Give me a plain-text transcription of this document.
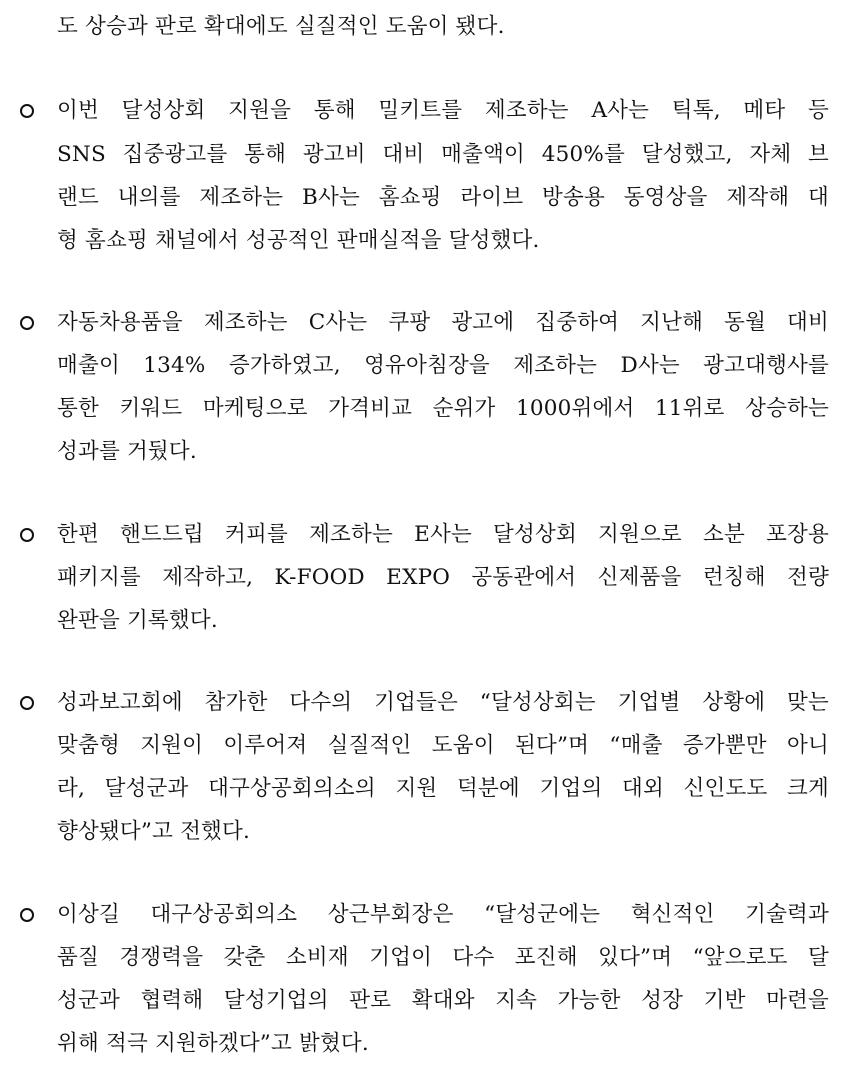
도 상승과 판로 확대에도 실질적인 도움이 됐다.
이번 달성상회 지원을 통해 밀키트를 제조하는 A사는 틱톡, 메타 등
SNS 집중광고를 통해 광고비 대비 매출액이 450%를 달성했고, 자체 브
랜드 내의를 제조하는 B사는 홈쇼핑 라이브 방송용 동영상을 제작해 대
형 홈쇼핑 채널에서 성공적인 판매실적을 달성했다.
자동차용품을 제조하는 C사는 쿠팡 광고에 집중하여 지난해 동월 대비
매출이 134% 증가하였고, 영유아침장을 제조하는 D사는 광고대행사를
통한 키워드 마케팅으로 가격비교 순위가 1000위에서 11위로 상승하는
성과를 거뒀다.
한편 핸드드립 커피를 제조하는 E사는 달성상회 지원으로 소분 포장용
패키지를 제작하고, K-FOOD EXPO 공동관에서 신제품을 런칭해 전량
완판을 기록했다.
성과보고회에 참가한 다수의 기업들은 “달성상회는 기업별 상황에 맞는
맞춤형 지원이 이루어져 실질적인 도움이 된다”며 “매출 증가뿐만 아니
라, 달성군과 대구상공회의소의 지원 덕분에 기업의 대외 신인도도 크게
향상됐다”고 전했다.
이상길 대구상공회의소 상근부회장은 “달성군에는 혁신적인 기술력과
품질 경쟁력을 갖춘 소비재 기업이 다수 포진해 있다”며 “앞으로도 달
성군과 협력해 달성기업의 판로 확대와 지속 가능한 성장 기반 마련을
위해 적극 지원하겠다”고 밝혔다.
